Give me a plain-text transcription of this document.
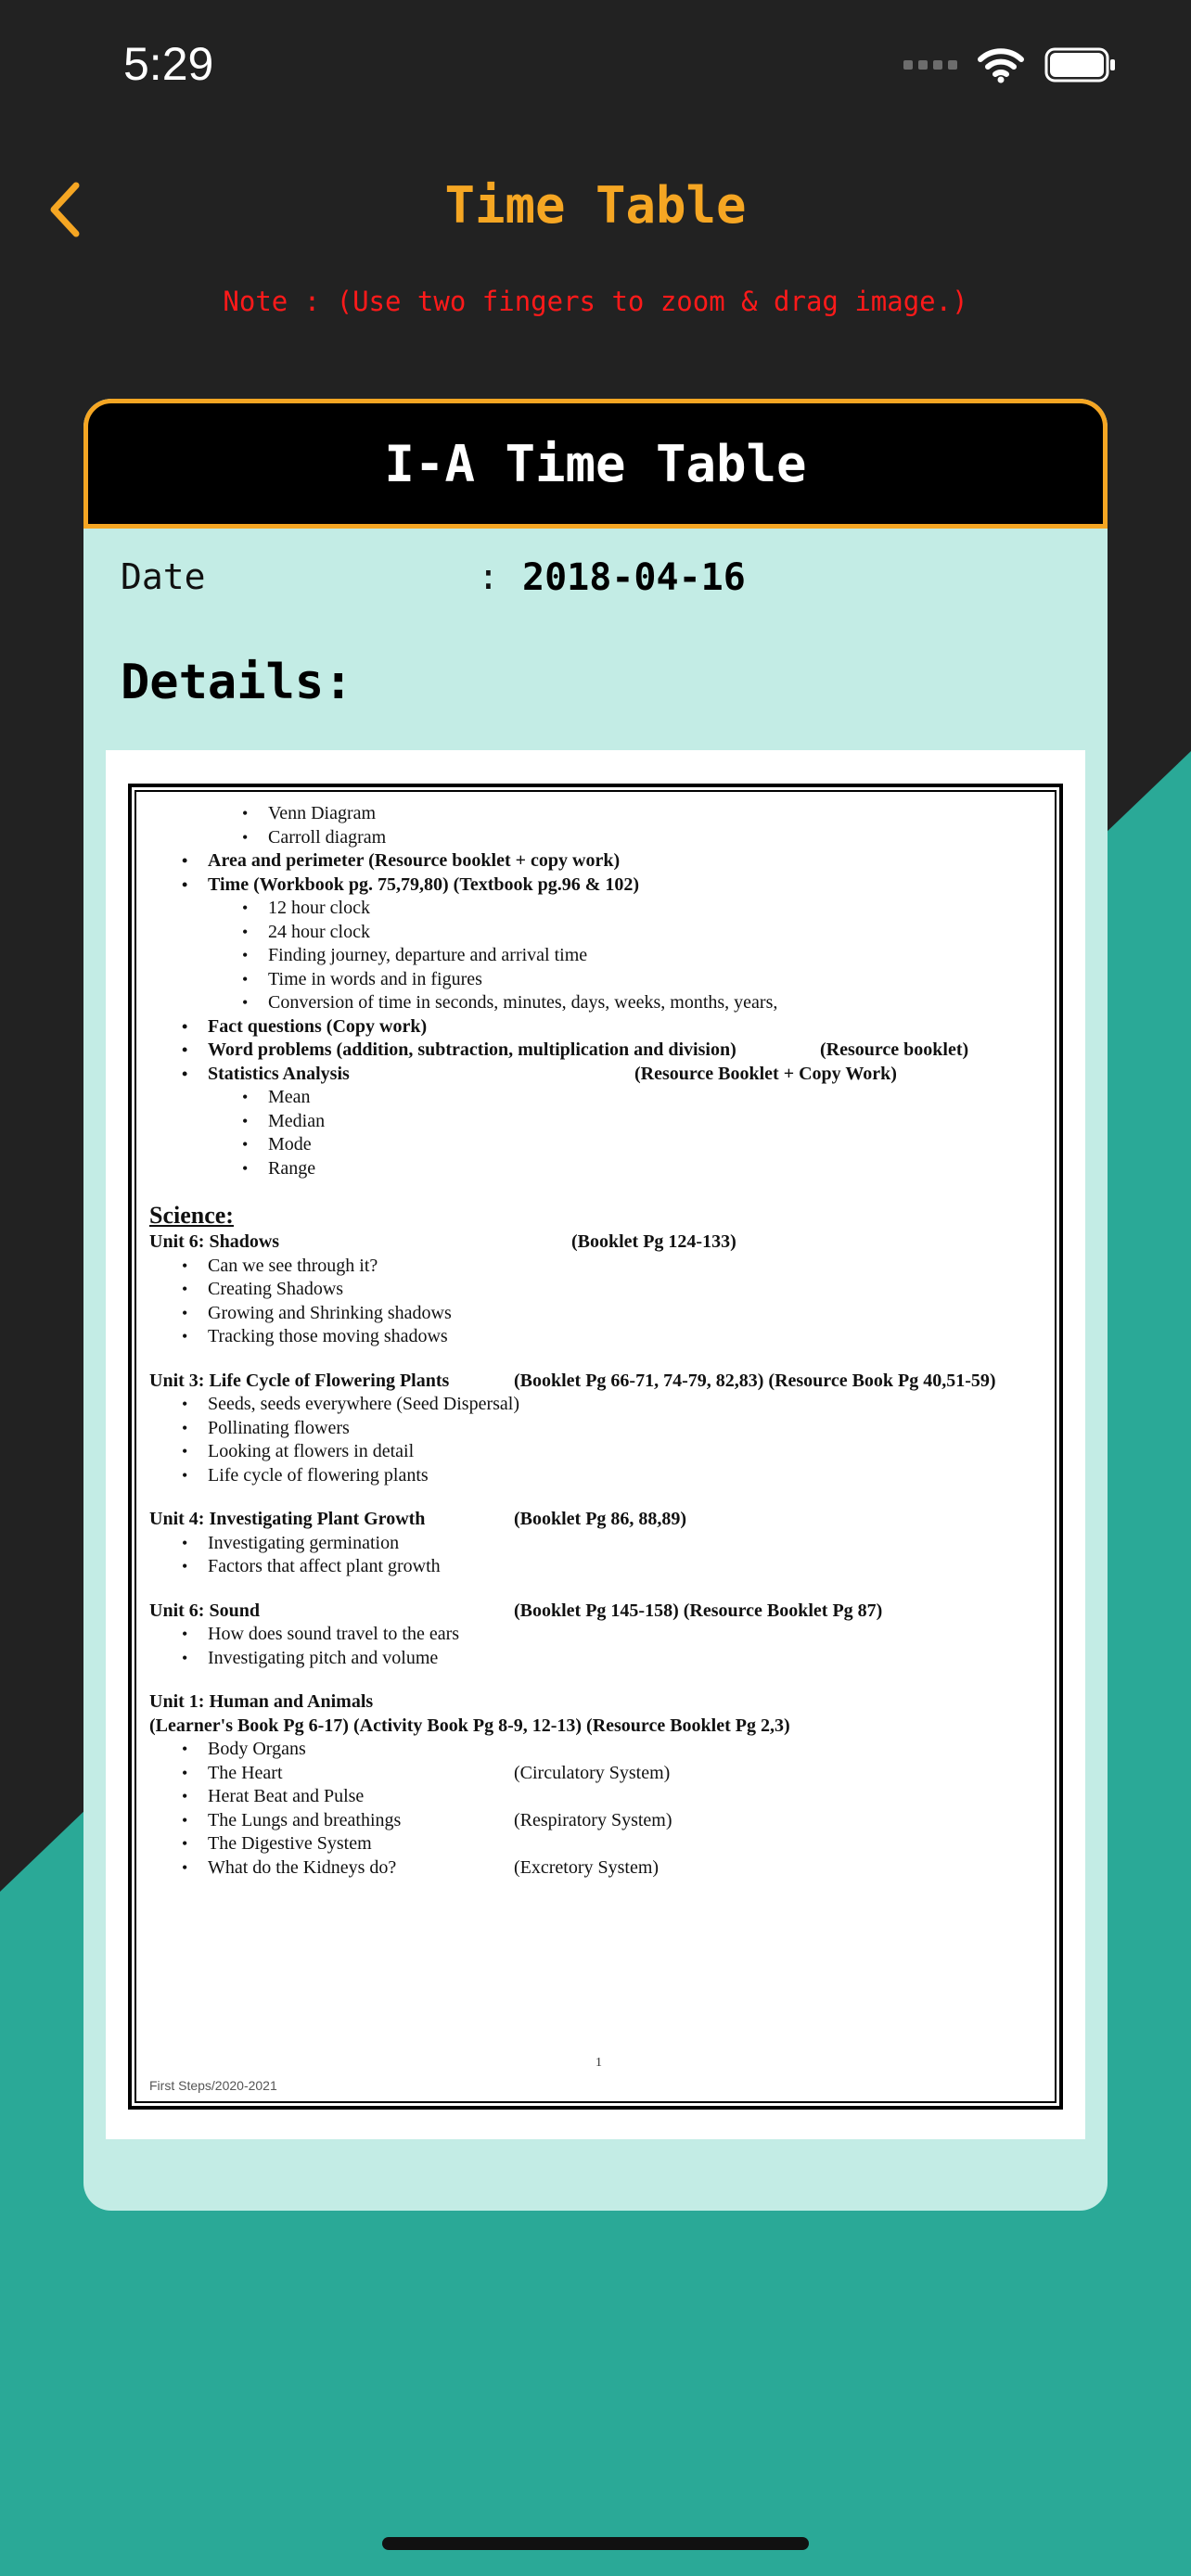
5:29
Time Table
Note : (Use two fingers to zoom & drag image.)
I-A Time Table
Date	: 2018-04-16
Details:
• Venn Diagram
• Carroll diagram
• Area and perimeter (Resource booklet + copy work)
• Time (Workbook pg. 75,79,80) (Textbook pg.96 & 102)
• 12 hour clock
• 24 hour clock
• Finding journey, departure and arrival time
• Time in words and in figures
• Conversion of time in seconds, minutes, days, weeks, months, years,
• Fact questions (Copy work)
• Word problems (addition, subtraction, multiplication and division)	(Resource booklet)
• Statistics Analysis	(Resource Booklet + Copy Work)
• Mean
• Median
• Mode
• Range
Science:
Unit 6: Shadows	(Booklet Pg 124-133)
• Can we see through it?
• Creating Shadows
• Growing and Shrinking shadows
• Tracking those moving shadows
Unit 3: Life Cycle of Flowering Plants	(Booklet Pg 66-71, 74-79, 82,83) (Resource Book Pg 40,51-59)
• Seeds, seeds everywhere (Seed Dispersal)
• Pollinating flowers
• Looking at flowers in detail
• Life cycle of flowering plants
Unit 4: Investigating Plant Growth	(Booklet Pg 86, 88,89)
• Investigating germination
• Factors that affect plant growth
Unit 6: Sound	(Booklet Pg 145-158) (Resource Booklet Pg 87)
• How does sound travel to the ears
• Investigating pitch and volume
Unit 1: Human and Animals
(Learner's Book Pg 6-17) (Activity Book Pg 8-9, 12-13) (Resource Booklet Pg 2,3)
• Body Organs
• The Heart	(Circulatory System)
• Herat Beat and Pulse
• The Lungs and breathings	(Respiratory System)
• The Digestive System
• What do the Kidneys do?	(Excretory System)
1
First Steps/2020-2021
